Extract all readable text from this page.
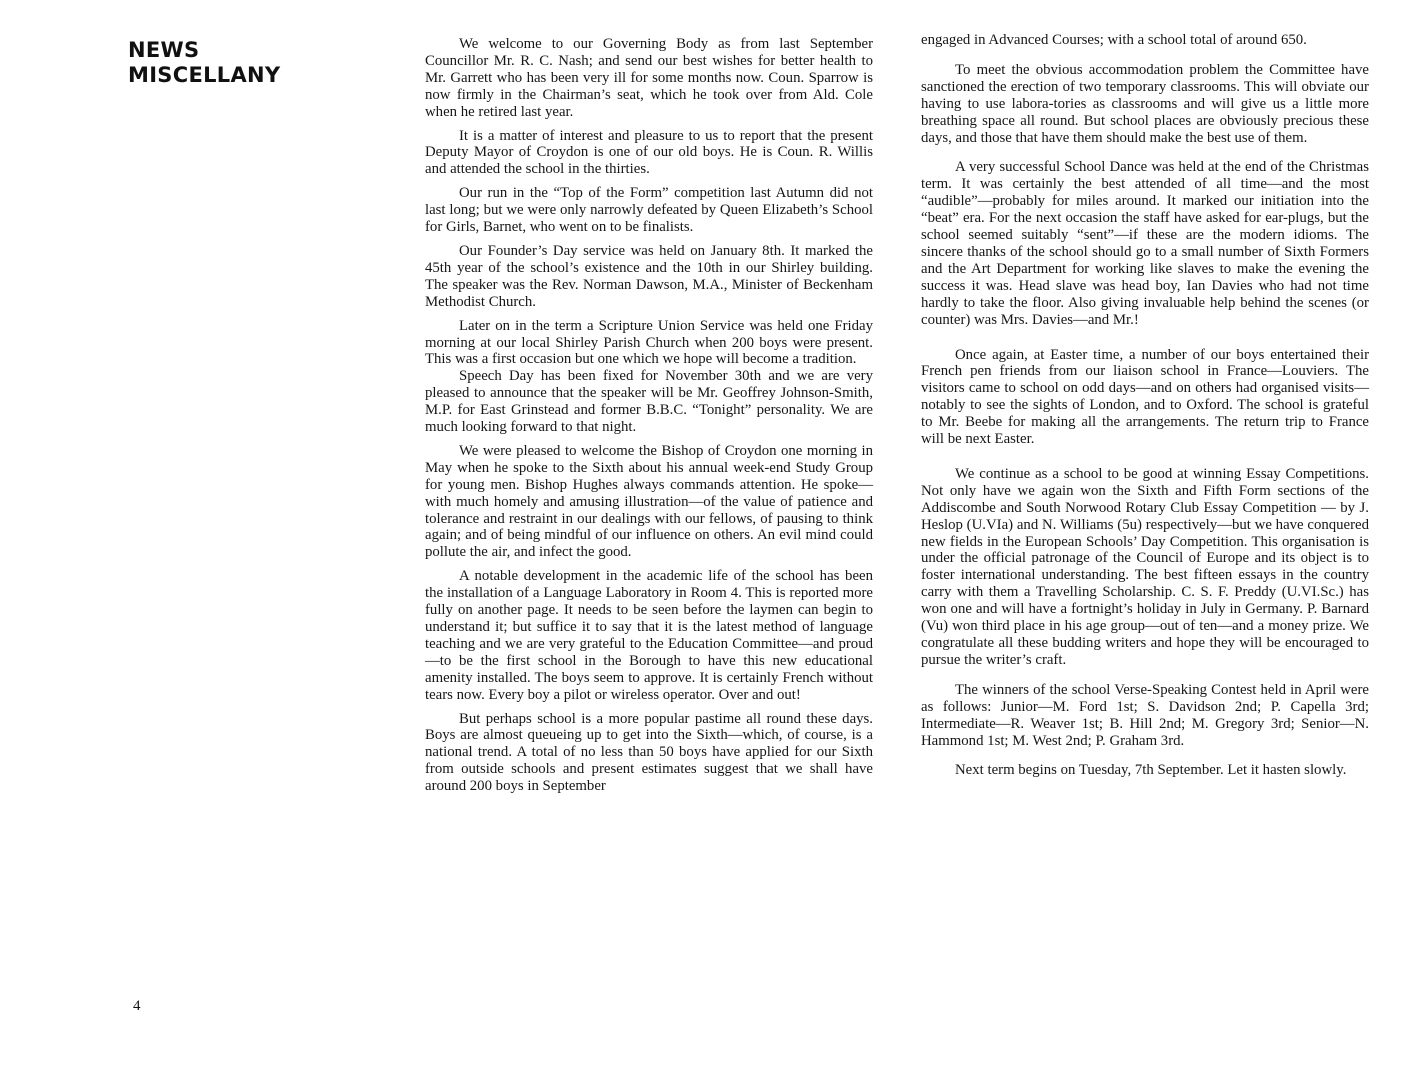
NEWS
MISCELLANY
4

We welcome to our Governing Body as from last September Councillor Mr. R. C. Nash; and send our best wishes for better health to Mr. Garrett who has been very ill for some months now. Coun. Sparrow is now firmly in the Chairman’s seat, which he took over from Ald. Cole when he retired last year.

It is a matter of interest and pleasure to us to report that the present Deputy Mayor of Croydon is one of our old boys. He is Coun. R. Willis and attended the school in the thirties.

Our run in the “Top of the Form” competition last Autumn did not last long; but we were only narrowly defeated by Queen Elizabeth’s School for Girls, Barnet, who went on to be finalists.

Our Founder’s Day service was held on January 8th. It marked the 45th year of the school’s existence and the 10th in our Shirley building. The speaker was the Rev. Norman Dawson, M.A., Minister of Beckenham Methodist Church.

Later on in the term a Scripture Union Service was held one Friday morning at our local Shirley Parish Church when 200 boys were present. This was a first occasion but one which we hope will become a tradition.

Speech Day has been fixed for November 30th and we are very pleased to announce that the speaker will be Mr. Geoffrey Johnson-Smith, M.P. for East Grinstead and former B.B.C. “Tonight” personality. We are much looking forward to that night.

We were pleased to welcome the Bishop of Croydon one morning in May when he spoke to the Sixth about his annual week-end Study Group for young men. Bishop Hughes always commands attention. He spoke—with much homely and amusing illustration—of the value of patience and tolerance and restraint in our dealings with our fellows, of pausing to think again; and of being mindful of our influence on others. An evil mind could pollute the air, and infect the good.

A notable development in the academic life of the school has been the installation of a Language Laboratory in Room 4. This is reported more fully on another page. It needs to be seen before the laymen can begin to understand it; but suffice it to say that it is the latest method of language teaching and we are very grateful to the Education Committee—and proud—to be the first school in the Borough to have this new educational amenity installed. The boys seem to approve. It is certainly French without tears now. Every boy a pilot or wireless operator. Over and out!

But perhaps school is a more popular pastime all round these days. Boys are almost queueing up to get into the Sixth—which, of course, is a national trend. A total of no less than 50 boys have applied for our Sixth from outside schools and present estimates suggest that we shall have around 200 boys in September

engaged in Advanced Courses; with a school total of around 650.

To meet the obvious accommodation problem the Committee have sanctioned the erection of two temporary classrooms. This will obviate our having to use labora-tories as classrooms and will give us a little more breathing space all round. But school places are obviously precious these days, and those that have them should make the best use of them.

A very successful School Dance was held at the end of the Christmas term. It was certainly the best attended of all time—and the most “audible”—probably for miles around. It marked our initiation into the “beat” era. For the next occasion the staff have asked for ear-plugs, but the school seemed suitably “sent”—if these are the modern idioms. The sincere thanks of the school should go to a small number of Sixth Formers and the Art Department for working like slaves to make the evening the success it was. Head slave was head boy, Ian Davies who had not time hardly to take the floor. Also giving invaluable help behind the scenes (or counter) was Mrs. Davies—and Mr.!

Once again, at Easter time, a number of our boys entertained their French pen friends from our liaison school in France—Louviers. The visitors came to school on odd days—and on others had organised visits—notably to see the sights of London, and to Oxford. The school is grateful to Mr. Beebe for making all the arrangements. The return trip to France will be next Easter.

We continue as a school to be good at winning Essay Competitions. Not only have we again won the Sixth and Fifth Form sections of the Addiscombe and South Norwood Rotary Club Essay Competition — by J. Heslop (U.VIa) and N. Williams (5u) respectively—but we have conquered new fields in the European Schools’ Day Competition. This organisation is under the official patronage of the Council of Europe and its object is to foster international understanding. The best fifteen essays in the country carry with them a Travelling Scholarship. C. S. F. Preddy (U.VI.Sc.) has won one and will have a fortnight’s holiday in July in Germany. P. Barnard (Vu) won third place in his age group—out of ten—and a money prize. We congratulate all these budding writers and hope they will be encouraged to pursue the writer’s craft.

The winners of the school Verse-Speaking Contest held in April were as follows: Junior—M. Ford 1st; S. Davidson 2nd; P. Capella 3rd; Intermediate—R. Weaver 1st; B. Hill 2nd; M. Gregory 3rd; Senior—N. Hammond 1st; M. West 2nd; P. Graham 3rd.

Next term begins on Tuesday, 7th September. Let it hasten slowly.
